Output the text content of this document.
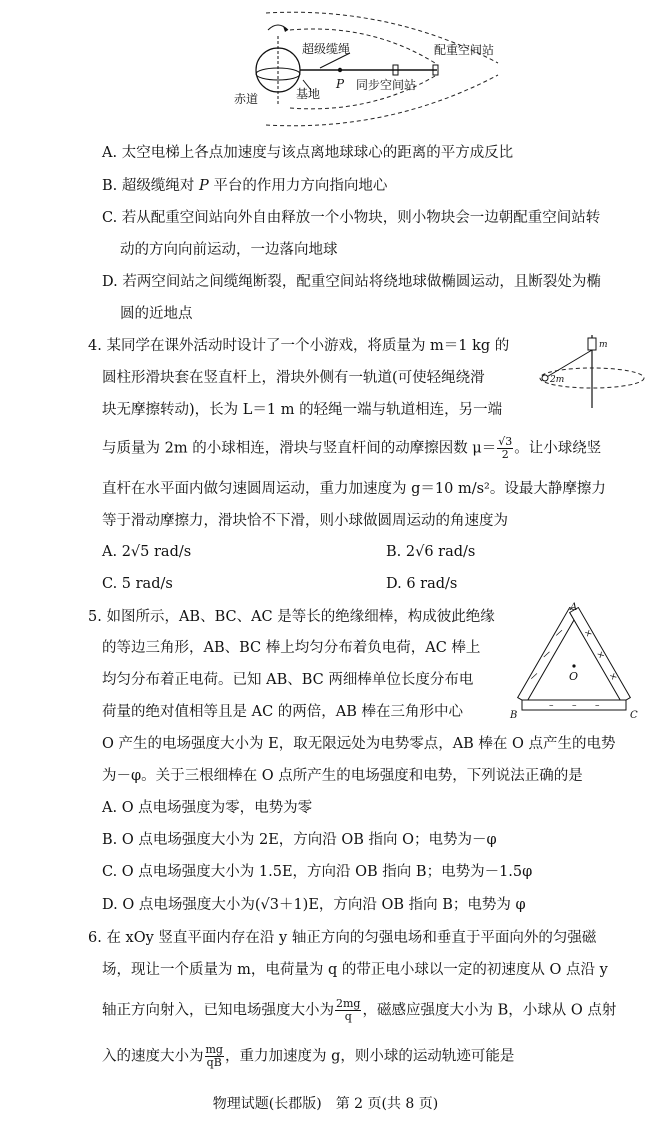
超级缆绳	配重空间站
P 同步空间站
赤道	基地
A. 太空电梯上各点加速度与该点离地球球心的距离的平方成反比
B. 超级缆绳对 P 平台的作用力方向指向地心
C. 若从配重空间站向外自由释放一个小物块，则小物块会一边朝配重空间站转
动的方向向前运动，一边落向地球
D. 若两空间站之间缆绳断裂，配重空间站将绕地球做椭圆运动，且断裂处为椭
圆的近地点
4. 某同学在课外活动时设计了一个小游戏，将质量为 m＝1 kg 的
圆柱形滑块套在竖直杆上，滑块外侧有一轨道(可使轻绳绕滑
块无摩擦转动)，长为 L＝1 m 的轻绳一端与轨道相连，另一端
与质量为 2m 的小球相连，滑块与竖直杆间的动摩擦因数 $\mu= \frac{√3}{2}$ 。让小球绕竖
直杆在水平面内做匀速圆周运动，重力加速度为 g＝10 m/s²。设最大静摩擦力
等于滑动摩擦力，滑块恰不下滑，则小球做圆周运动的角速度为
A. 2√5 rad/s	B. 2√6 rad/s
C. 5 rad/s	D. 6 rad/s
m
2m
5. 如图所示，AB、BC、AC 是等长的绝缘细棒，构成彼此绝缘
的等边三角形，AB、BC 棒上均匀分布着负电荷，AC 棒上
均匀分布着正电荷。已知 AB、BC 两细棒单位长度分布电
荷量的绝对值相等且是 AC 的两倍，AB 棒在三角形中心
O 产生的电场强度大小为 E，取无限远处为电势零点，AB 棒在 O 点产生的电势
为－φ。关于三根细棒在 O 点所产生的电场强度和电势，下列说法正确的是
A. O 点电场强度为零，电势为零
B. O 点电场强度大小为 2E，方向沿 OB 指向 O；电势为－φ
C. O 点电场强度大小为 1.5E，方向沿 OB 指向 B；电势为－1.5φ
D. O 点电场强度大小为(√3＋1)E，方向沿 OB 指向 B；电势为 φ
/
/
/
×
×
×
– – –
A
B	C
O
6. 在 xOy 竖直平面内存在沿 y 轴正方向的匀强电场和垂直于平面向外的匀强磁
场，现让一个质量为 m，电荷量为 q 的带正电小球以一定的初速度从 O 点沿 y
轴正方向射入，已知电场强度大小为 $\frac{2mg}{q}$ ，磁感应强度大小为 B，小球从 O 点射
入的速度大小为 $\frac{mg}{qB}$ ，重力加速度为 g，则小球的运动轨迹可能是
物理试题(长郡版)　第 2 页(共 8 页)
